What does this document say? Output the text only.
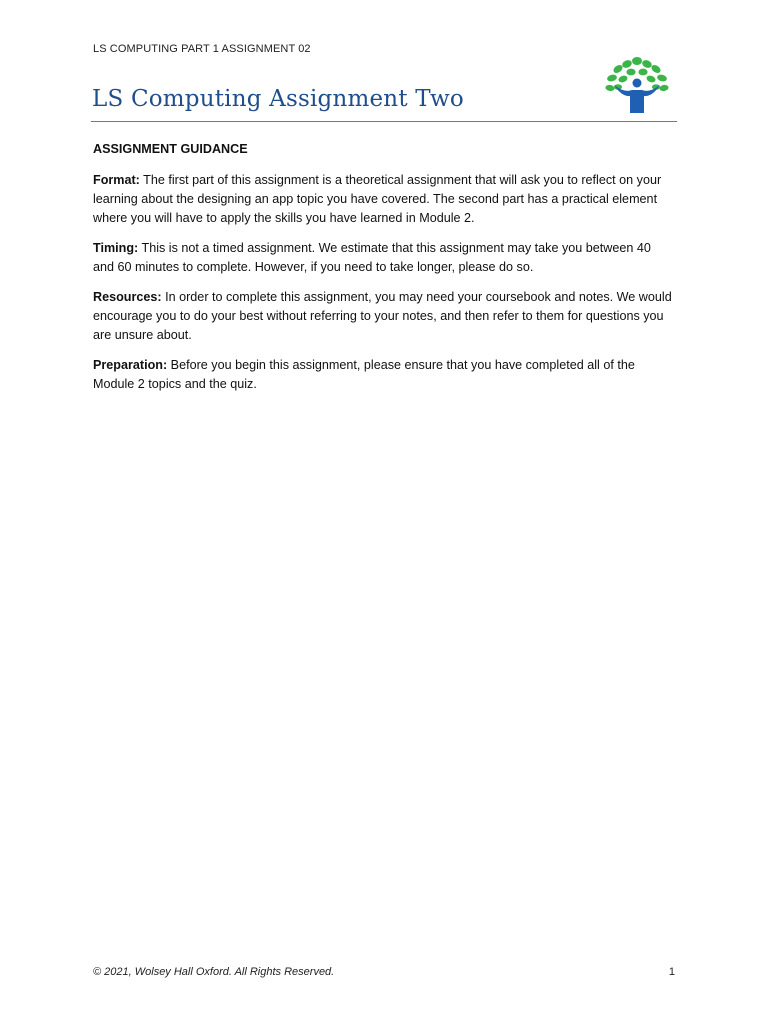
LS COMPUTING PART 1 ASSIGNMENT 02
LS Computing Assignment Two
ASSIGNMENT GUIDANCE

Format: The first part of this assignment is a theoretical assignment that will ask you to reflect on your learning about the designing an app topic you have covered. The second part has a practical element where you will have to apply the skills you have learned in Module 2.

Timing: This is not a timed assignment. We estimate that this assignment may take you between 40 and 60 minutes to complete. However, if you need to take longer, please do so.

Resources: In order to complete this assignment, you may need your coursebook and notes. We would encourage you to do your best without referring to your notes, and then refer to them for questions you are unsure about.

Preparation: Before you begin this assignment, please ensure that you have completed all of the Module 2 topics and the quiz.

© 2021, Wolsey Hall Oxford. All Rights Reserved.	1
